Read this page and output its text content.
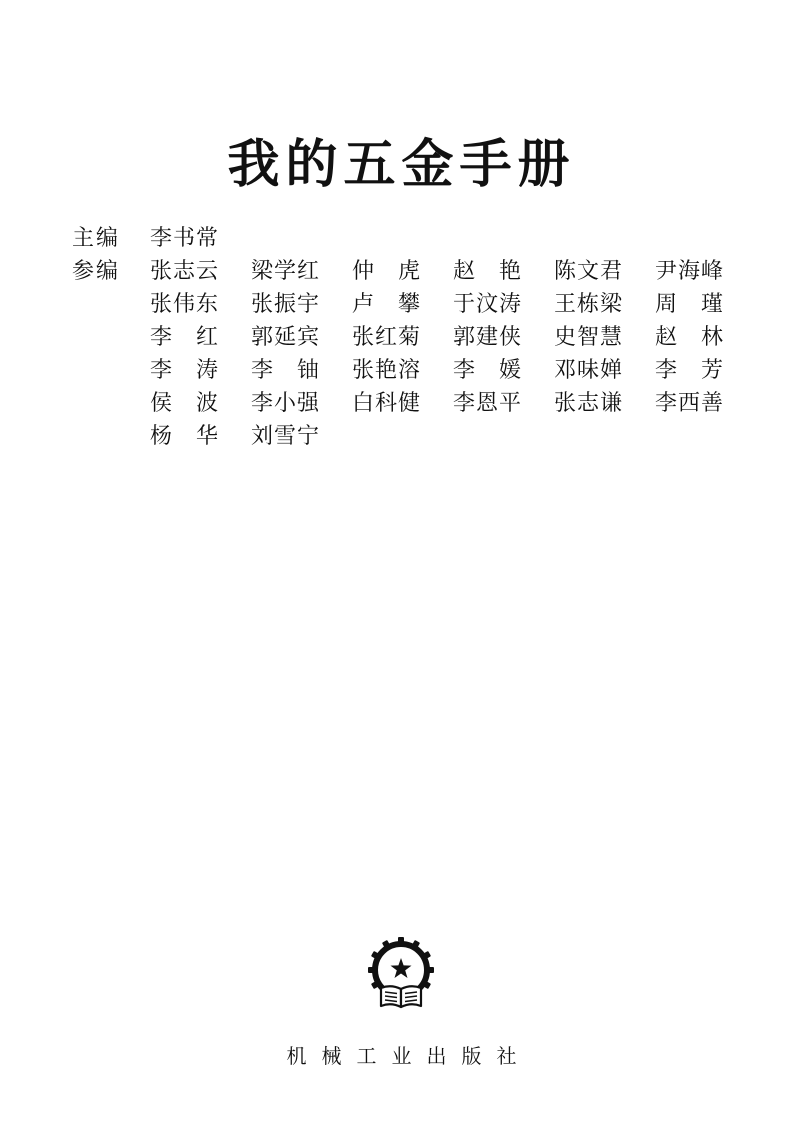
我的五金手册
主编	李书常
参编	张志云	梁学红	仲　虎	赵　艳	陈文君	尹海峰
张伟东	张振宇	卢　攀	于汶涛	王栋梁	周　瑾
李　红	郭延宾	张红菊	郭建侠	史智慧	赵　林
李　涛	李　铀	张艳溶	李　媛	邓味婵	李　芳
侯　波	李小强	白科健	李恩平	张志谦	李西善
杨　华	刘雪宁
机械工业出版社
